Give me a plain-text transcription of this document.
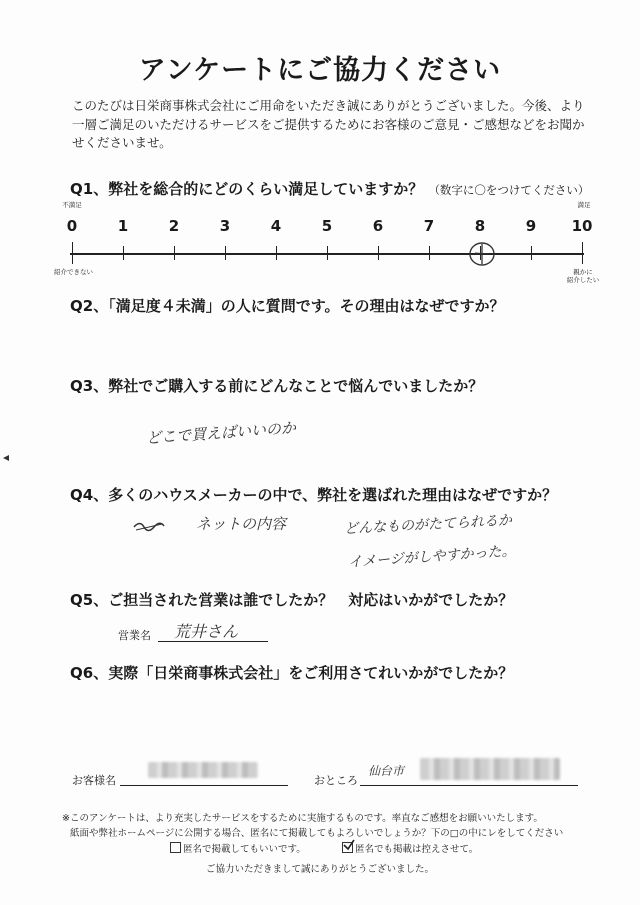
アンケートにご協力ください
このたびは日栄商事株式会社にご用命をいただき誠にありがとうございました。今後、より一層ご満足のいただけるサービスをご提供するためにお客様のご意見・ご感想などをお聞かせくださいませ。
Q1、弊社を総合的にどのくらい満足していますか？ （数字に〇をつけてください）
不満足	満足
0	1	2	3	4	5	6	7	8	9	10
紹介できない	親かに
紹介したい
Q2、「満足度４未満」の人に質問です。その理由はなぜですか？
Q3、弊社でご購入する前にどんなことで悩んでいましたか？
どこで買えばいいのか
Q4、多くのハウスメーカーの中で、弊社を選ばれた理由はなぜですか？
ネットの内容	どんなものがたてられるか
イメージがしやすかった。
Q5、ご担当された営業は誰でしたか？　対応はいかがでしたか？
営業名 荒井さん
Q6、実際「日栄商事株式会社」をご利用さてれいかがでしたか？
お客様名	おところ
仙台市
※このアンケートは、より充実したサービスをするために実施するものです。率直なご感想をお願いいたします。
紙面や弊社ホームページに公開する場合、匿名にて掲載してもよろしいでしょうか？下の□の中にレをしてください
匿名で掲載してもいいです。	匿名でも掲載は控えさせて。
ご協力いただきまして誠にありがとうございました。
